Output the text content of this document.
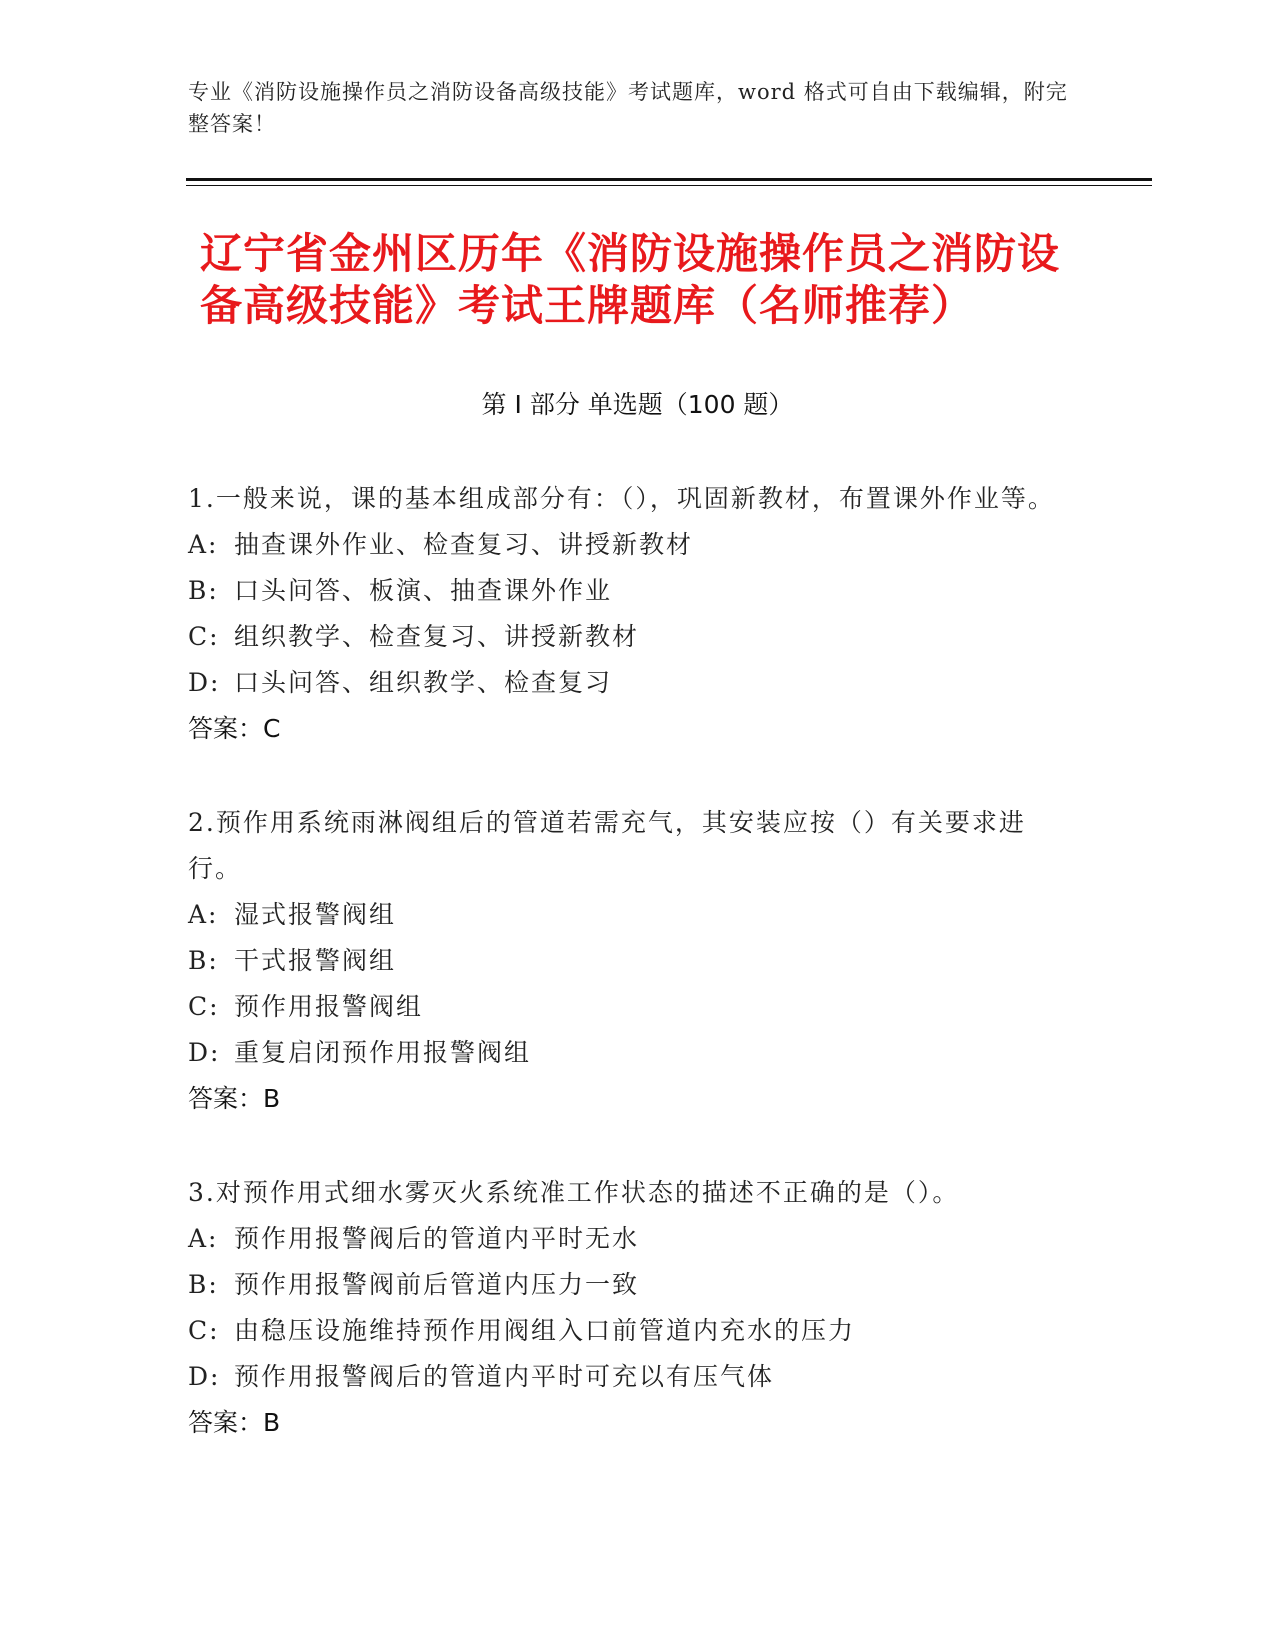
专业《消防设施操作员之消防设备高级技能》考试题库，word 格式可自由下载编辑，附完整答案！
辽宁省金州区历年《消防设施操作员之消防设备高级技能》考试王牌题库（名师推荐）
第 I 部分 单选题（100 题）
1.一般来说，课的基本组成部分有：（），巩固新教材，布置课外作业等。
A: 抽查课外作业、检查复习、讲授新教材
B: 口头问答、板演、抽查课外作业
C: 组织教学、检查复习、讲授新教材
D: 口头问答、组织教学、检查复习
答案：C
2.预作用系统雨淋阀组后的管道若需充气，其安装应按（）有关要求进行。
A: 湿式报警阀组
B: 干式报警阀组
C: 预作用报警阀组
D: 重复启闭预作用报警阀组
答案：B
3.对预作用式细水雾灭火系统准工作状态的描述不正确的是（）。
A: 预作用报警阀后的管道内平时无水
B: 预作用报警阀前后管道内压力一致
C: 由稳压设施维持预作用阀组入口前管道内充水的压力
D: 预作用报警阀后的管道内平时可充以有压气体
答案：B
